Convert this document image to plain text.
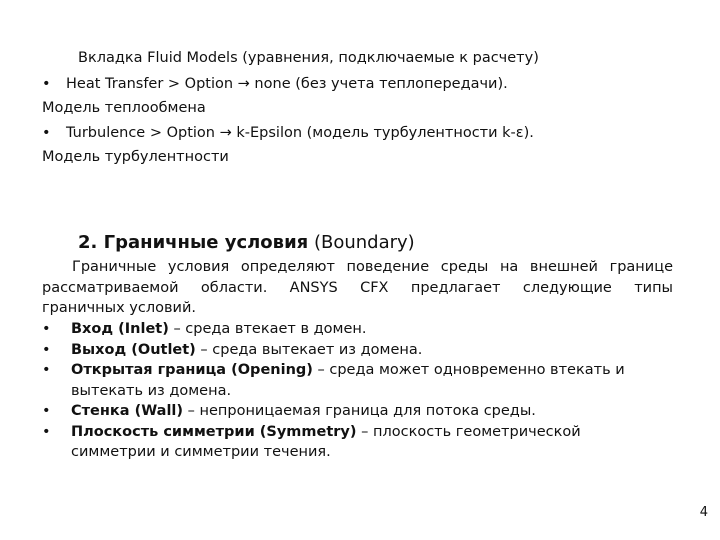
Вкладка Fluid Models (уравнения, подключаемые к расчету)
• Heat Transfer > Option → none (без учета теплопередачи).
Модель теплообмена
• Turbulence > Option → k-Epsilon (модель турбулентности k-ε).
Модель турбулентности
2. Граничные условия (Boundary)
Граничные условия определяют поведение среды на внешней границе
рассматриваемой области. ANSYS CFX предлагает следующие типы
граничных условий.
• Вход (Inlet) – среда втекает в домен.
• Выход (Outlet) – среда вытекает из домена.
• Открытая граница (Opening) – среда может одновременно втекать и вытекать из домена.
• Стенка (Wall) – непроницаемая граница для потока среды.
• Плоскость симметрии (Symmetry) – плоскость геометрической симметрии и симметрии течения.
4
